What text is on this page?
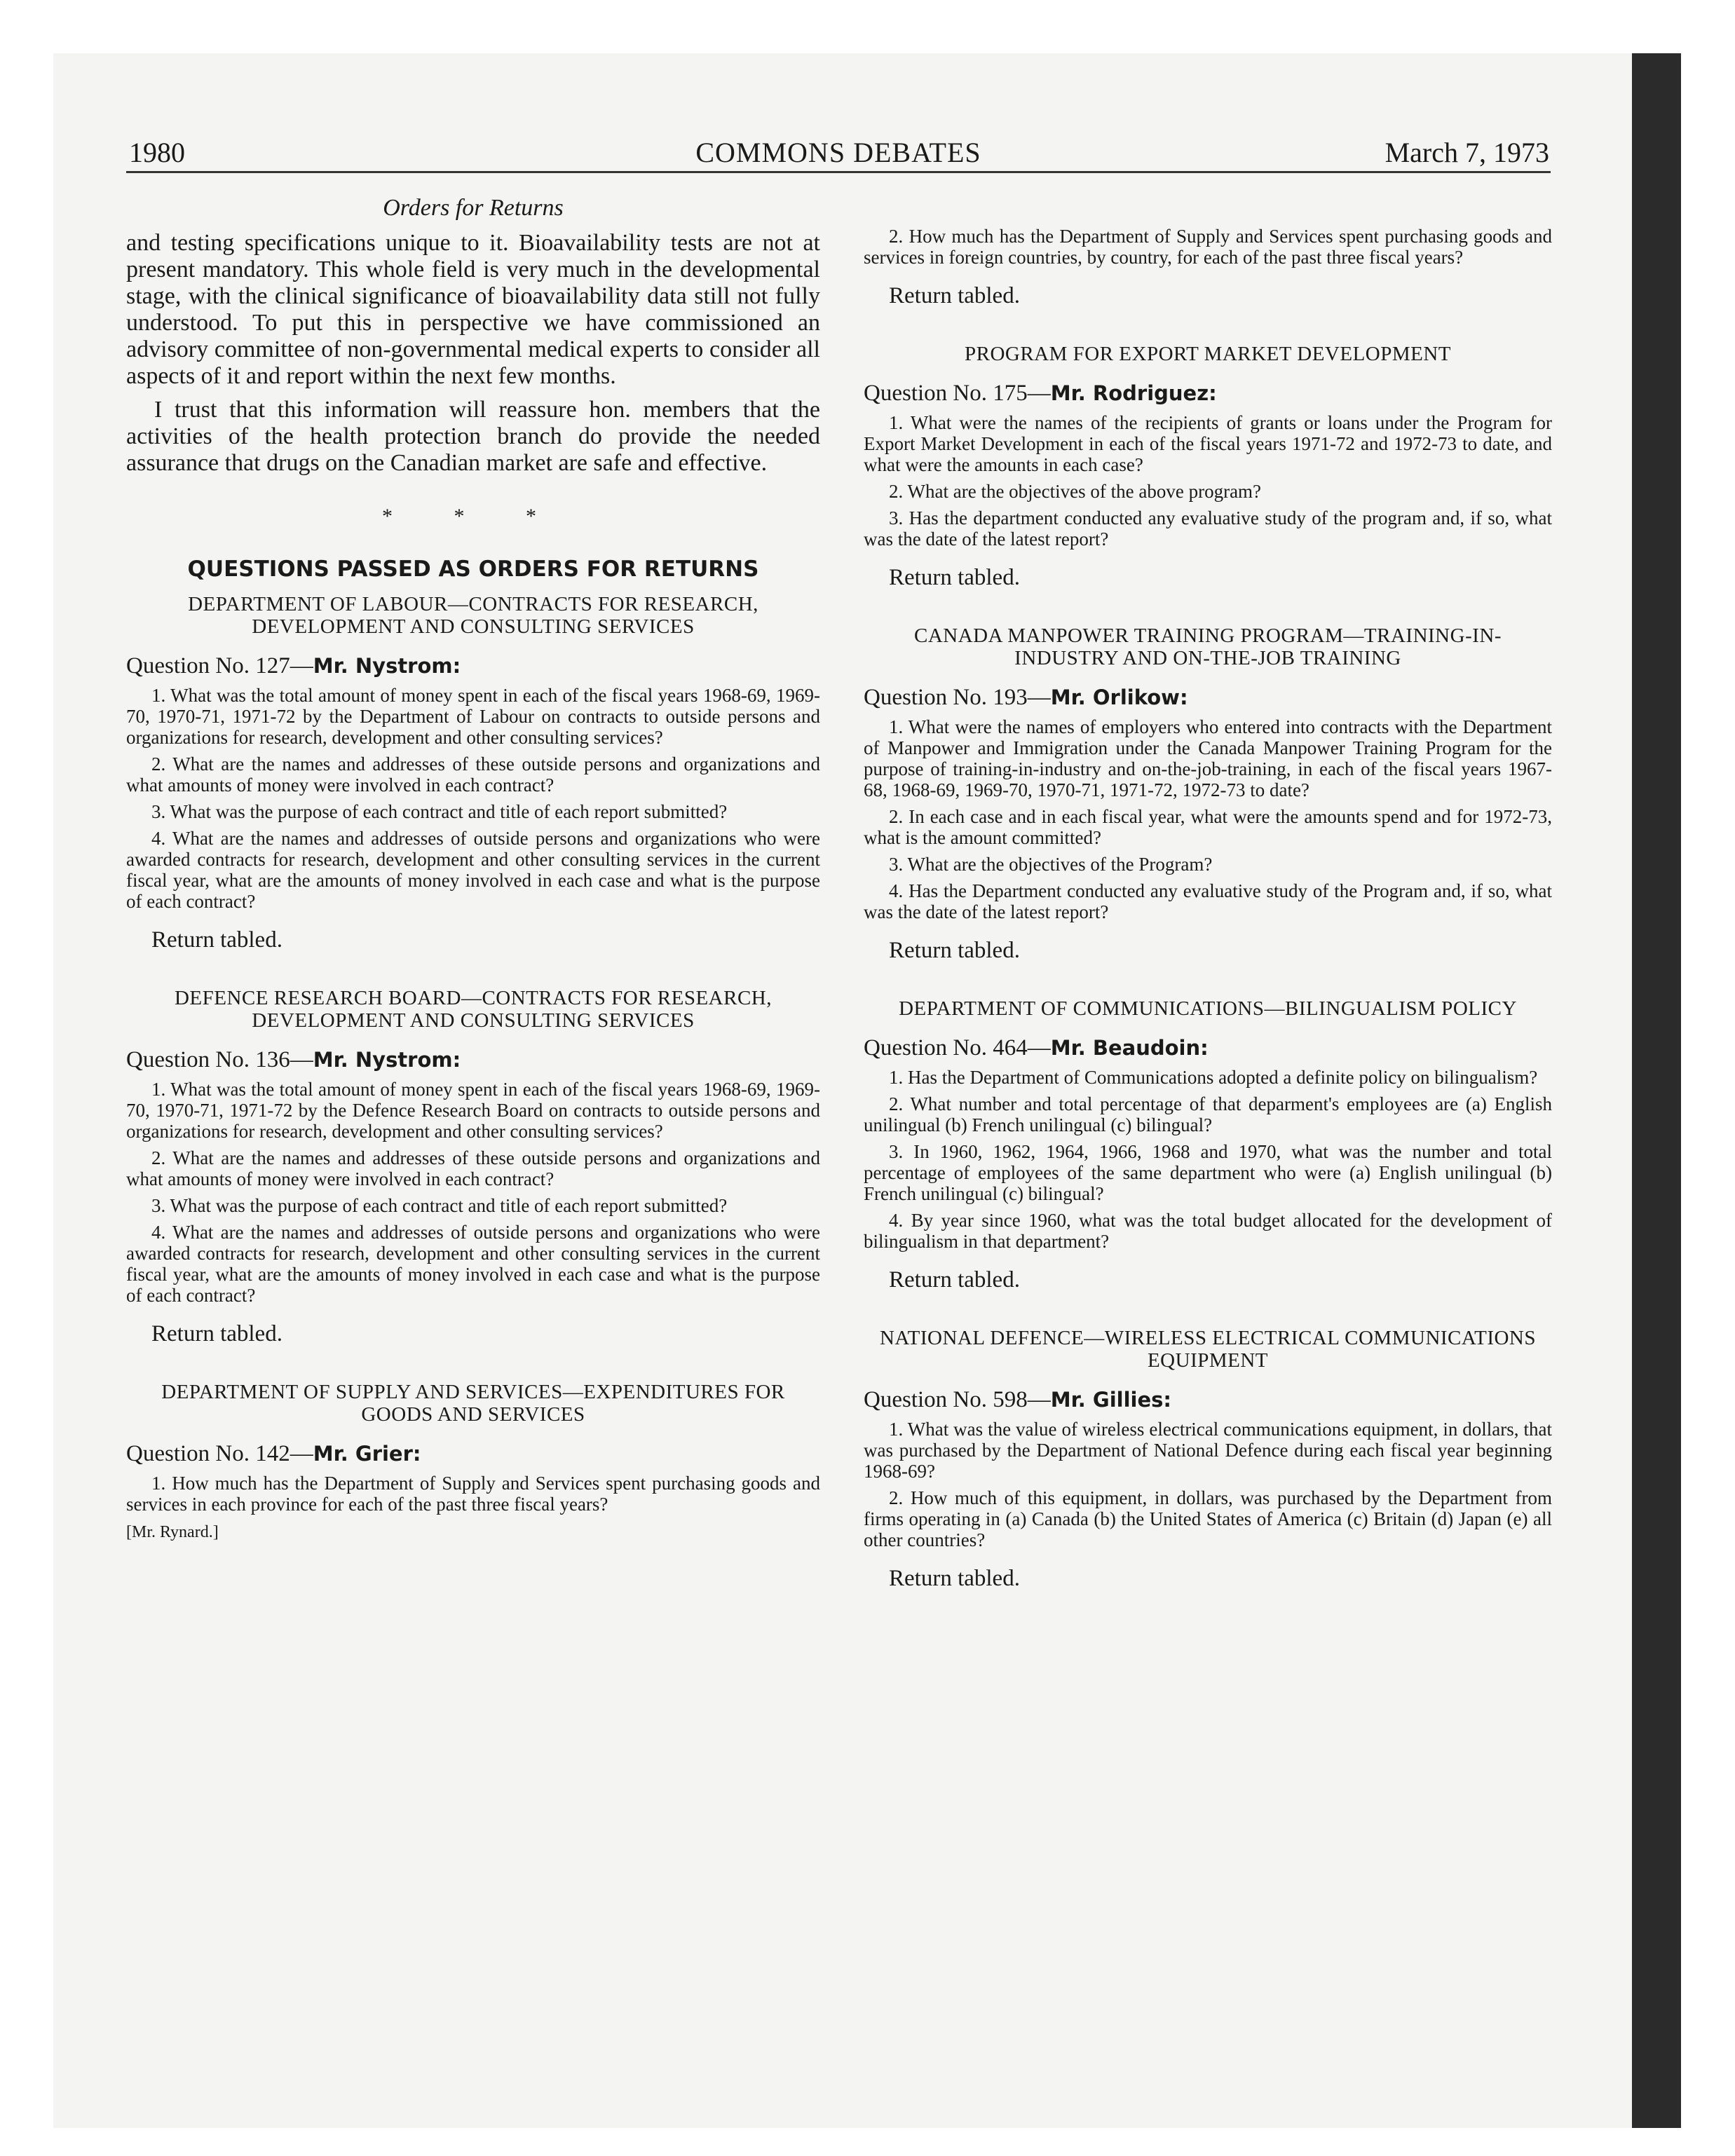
1980	COMMONS DEBATES	March 7, 1973
Orders for Returns

and testing specifications unique to it. Bioavailability tests are not at present mandatory. This whole field is very much in the developmental stage, with the clinical significance of bioavailability data still not fully understood. To put this in perspective we have commissioned an advisory committee of non-governmental medical experts to consider all aspects of it and report within the next few months.

I trust that this information will reassure hon. members that the activities of the health protection branch do provide the needed assurance that drugs on the Canadian market are safe and effective.

* * *
QUESTIONS PASSED AS ORDERS FOR RETURNS
DEPARTMENT OF LABOUR—CONTRACTS FOR RESEARCH, DEVELOPMENT AND CONSULTING SERVICES
Question No. 127—Mr. Nystrom:

1. What was the total amount of money spent in each of the fiscal years 1968-69, 1969-70, 1970-71, 1971-72 by the Department of Labour on contracts to outside persons and organizations for research, development and other consulting services?

2. What are the names and addresses of these outside persons and organizations and what amounts of money were involved in each contract?

3. What was the purpose of each contract and title of each report submitted?

4. What are the names and addresses of outside persons and organizations who were awarded contracts for research, development and other consulting services in the current fiscal year, what are the amounts of money involved in each case and what is the purpose of each contract?

Return tabled.
DEFENCE RESEARCH BOARD—CONTRACTS FOR RESEARCH, DEVELOPMENT AND CONSULTING SERVICES
Question No. 136—Mr. Nystrom:

1. What was the total amount of money spent in each of the fiscal years 1968-69, 1969-70, 1970-71, 1971-72 by the Defence Research Board on contracts to outside persons and organizations for research, development and other consulting services?

2. What are the names and addresses of these outside persons and organizations and what amounts of money were involved in each contract?

3. What was the purpose of each contract and title of each report submitted?

4. What are the names and addresses of outside persons and organizations who were awarded contracts for research, development and other consulting services in the current fiscal year, what are the amounts of money involved in each case and what is the purpose of each contract?

Return tabled.
DEPARTMENT OF SUPPLY AND SERVICES—EXPENDITURES FOR GOODS AND SERVICES
Question No. 142—Mr. Grier:

1. How much has the Department of Supply and Services spent purchasing goods and services in each province for each of the past three fiscal years?

[Mr. Rynard.]

2. How much has the Department of Supply and Services spent purchasing goods and services in foreign countries, by country, for each of the past three fiscal years?

Return tabled.
PROGRAM FOR EXPORT MARKET DEVELOPMENT
Question No. 175—Mr. Rodriguez:

1. What were the names of the recipients of grants or loans under the Program for Export Market Development in each of the fiscal years 1971-72 and 1972-73 to date, and what were the amounts in each case?

2. What are the objectives of the above program?

3. Has the department conducted any evaluative study of the program and, if so, what was the date of the latest report?

Return tabled.
CANADA MANPOWER TRAINING PROGRAM—TRAINING-IN-INDUSTRY AND ON-THE-JOB TRAINING
Question No. 193—Mr. Orlikow:

1. What were the names of employers who entered into contracts with the Department of Manpower and Immigration under the Canada Manpower Training Program for the purpose of training-in-industry and on-the-job-training, in each of the fiscal years 1967-68, 1968-69, 1969-70, 1970-71, 1971-72, 1972-73 to date?

2. In each case and in each fiscal year, what were the amounts spend and for 1972-73, what is the amount committed?

3. What are the objectives of the Program?

4. Has the Department conducted any evaluative study of the Program and, if so, what was the date of the latest report?

Return tabled.
DEPARTMENT OF COMMUNICATIONS—BILINGUALISM POLICY
Question No. 464—Mr. Beaudoin:

1. Has the Department of Communications adopted a definite policy on bilingualism?

2. What number and total percentage of that deparment's employees are (a) English unilingual (b) French unilingual (c) bilingual?

3. In 1960, 1962, 1964, 1966, 1968 and 1970, what was the number and total percentage of employees of the same department who were (a) English unilingual (b) French unilingual (c) bilingual?

4. By year since 1960, what was the total budget allocated for the development of bilingualism in that department?

Return tabled.
NATIONAL DEFENCE—WIRELESS ELECTRICAL COMMUNICATIONS EQUIPMENT
Question No. 598—Mr. Gillies:

1. What was the value of wireless electrical communications equipment, in dollars, that was purchased by the Department of National Defence during each fiscal year beginning 1968-69?

2. How much of this equipment, in dollars, was purchased by the Department from firms operating in (a) Canada (b) the United States of America (c) Britain (d) Japan (e) all other countries?

Return tabled.
